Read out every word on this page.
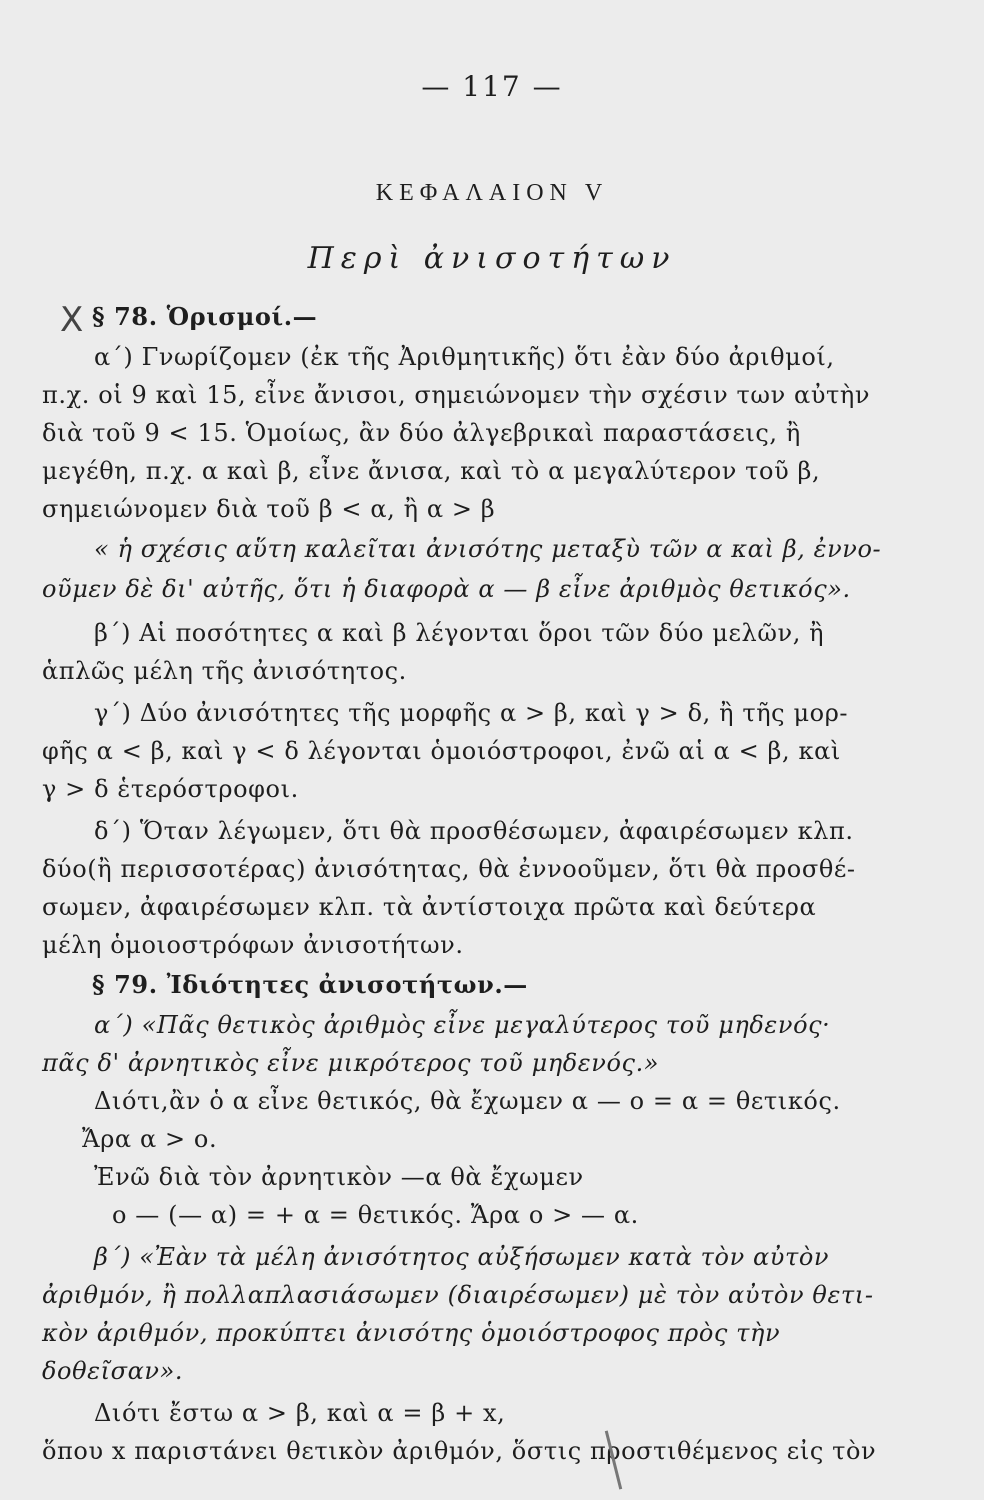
— 117 —
ΚΕΦΑΛΑΙΟΝ V
Περὶ ἀνισοτήτων
X § 78. Ὁρισμοί.—
α΄) Γνωρίζομεν (ἐκ τῆς Ἀριθμητικῆς) ὅτι ἐὰν δύο ἀριθμοί,
π.χ. οἱ 9 καὶ 15, εἶνε ἄνισοι, σημειώνομεν τὴν σχέσιν των αὐτὴν
διὰ τοῦ 9 < 15. Ὁμοίως, ἂν δύο ἀλγεβρικαὶ παραστάσεις, ἢ
μεγέθη, π.χ. α καὶ β, εἶνε ἄνισα, καὶ τὸ α μεγαλύτερον τοῦ β,
σημειώνομεν διὰ τοῦ β < α, ἢ α > β
« ἡ σχέσις αὕτη καλεῖται ἀνισότης μεταξὺ τῶν α καὶ β, ἐννο-
οῦμεν δὲ δι' αὐτῆς, ὅτι ἡ διαφορὰ α — β εἶνε ἀριθμὸς θετικός».
β΄) Αἱ ποσότητες α καὶ β λέγονται ὅροι τῶν δύο μελῶν, ἢ
ἁπλῶς μέλη τῆς ἀνισότητος.
γ΄) Δύο ἀνισότητες τῆς μορφῆς α > β, καὶ γ > δ, ἢ τῆς μορ-
φῆς α < β, καὶ γ < δ λέγονται ὁμοιόστροφοι, ἐνῶ αἱ α < β, καὶ
γ > δ ἑτερόστροφοι.
δ΄) Ὅταν λέγωμεν, ὅτι θὰ προσθέσωμεν, ἀφαιρέσωμεν κλπ.
δύο(ἢ περισσοτέρας) ἀνισότητας, θὰ ἐννοοῦμεν, ὅτι θὰ προσθέ-
σωμεν, ἀφαιρέσωμεν κλπ. τὰ ἀντίστοιχα πρῶτα καὶ δεύτερα
μέλη ὁμοιοστρόφων ἀνισοτήτων.
§ 79. Ἰδιότητες ἀνισοτήτων.—
α΄) «Πᾶς θετικὸς ἀριθμὸς εἶνε μεγαλύτερος τοῦ μηδενός·
πᾶς δ' ἀρνητικὸς εἶνε μικρότερος τοῦ μηδενός.»
Διότι,ἂν ὁ α εἶνε θετικός, θὰ ἔχωμεν α — ο = α = θετικός.
Ἄρα α > ο.
Ἐνῶ διὰ τὸν ἀρνητικὸν —α θὰ ἔχωμεν
ο — (— α) = + α = θετικός. Ἄρα ο > — α.
β΄) «Ἐὰν τὰ μέλη ἀνισότητος αὐξήσωμεν κατὰ τὸν αὐτὸν
ἀριθμόν, ἢ πολλαπλασιάσωμεν (διαιρέσωμεν) μὲ τὸν αὐτὸν θετι-
κὸν ἀριθμόν, προκύπτει ἀνισότης ὁμοιόστροφος πρὸς τὴν
δοθεῖσαν».
Διότι ἔστω α > β, καὶ α = β + x,
ὅπου x παριστάνει θετικὸν ἀριθμόν, ὅστις προστιθέμενος εἰς τὸν
